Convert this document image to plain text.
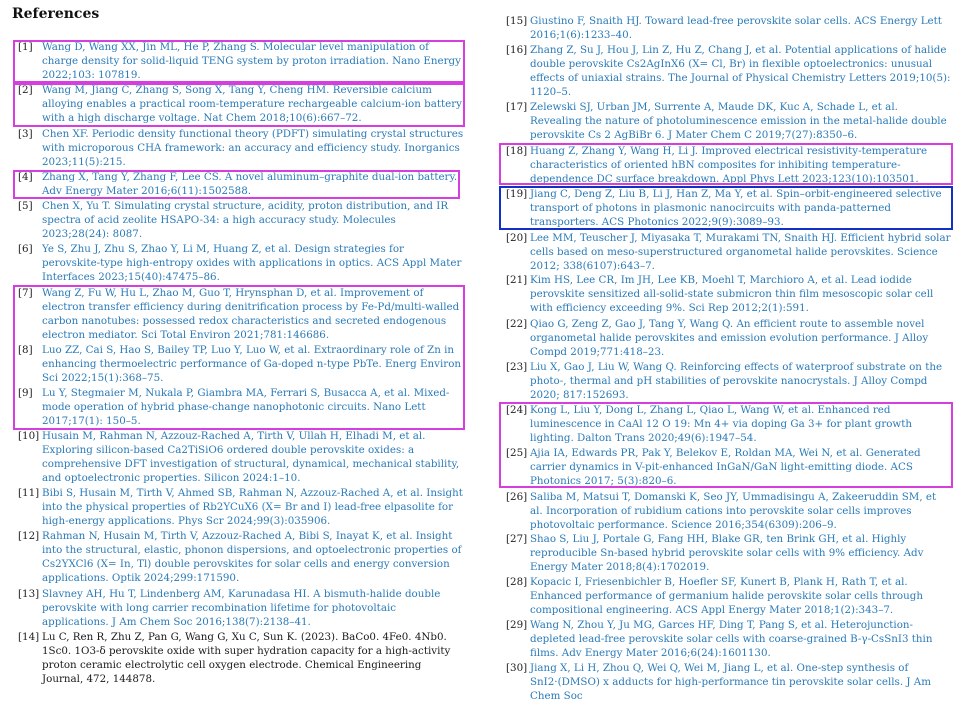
References
[1] Wang D, Wang XX, Jin ML, He P, Zhang S. Molecular level manipulation of charge density for solid-liquid TENG system by proton irradiation. Nano Energy 2022;103: 107819.
[2] Wang M, Jiang C, Zhang S, Song X, Tang Y, Cheng HM. Reversible calcium alloying enables a practical room-temperature rechargeable calcium-ion battery with a high discharge voltage. Nat Chem 2018;10(6):667–72.
[3] Chen XF. Periodic density functional theory (PDFT) simulating crystal structures with microporous CHA framework: an accuracy and efficiency study. Inorganics 2023;11(5):215.
[4] Zhang X, Tang Y, Zhang F, Lee CS. A novel aluminum–graphite dual-ion battery. Adv Energy Mater 2016;6(11):1502588.
[5] Chen X, Yu T. Simulating crystal structure, acidity, proton distribution, and IR spectra of acid zeolite HSAPO-34: a high accuracy study. Molecules 2023;28(24): 8087.
[6] Ye S, Zhu J, Zhu S, Zhao Y, Li M, Huang Z, et al. Design strategies for perovskite-type high-entropy oxides with applications in optics. ACS Appl Mater Interfaces 2023;15(40):47475–86.
[7] Wang Z, Fu W, Hu L, Zhao M, Guo T, Hrynsphan D, et al. Improvement of electron transfer efficiency during denitrification process by Fe-Pd/multi-walled carbon nanotubes: possessed redox characteristics and secreted endogenous electron mediator. Sci Total Environ 2021;781:146686.
[8] Luo ZZ, Cai S, Hao S, Bailey TP, Luo Y, Luo W, et al. Extraordinary role of Zn in enhancing thermoelectric performance of Ga-doped n-type PbTe. Energ Environ Sci 2022;15(1):368–75.
[9] Lu Y, Stegmaier M, Nukala P, Giambra MA, Ferrari S, Busacca A, et al. Mixed-mode operation of hybrid phase-change nanophotonic circuits. Nano Lett 2017;17(1): 150–5.
[10] Husain M, Rahman N, Azzouz-Rached A, Tirth V, Ullah H, Elhadi M, et al. Exploring silicon-based Ca2TiSiO6 ordered double perovskite oxides: a comprehensive DFT investigation of structural, dynamical, mechanical stability, and optoelectronic properties. Silicon 2024:1–10.
[11] Bibi S, Husain M, Tirth V, Ahmed SB, Rahman N, Azzouz-Rached A, et al. Insight into the physical properties of Rb2YCuX6 (X= Br and I) lead-free elpasolite for high-energy applications. Phys Scr 2024;99(3):035906.
[12] Rahman N, Husain M, Tirth V, Azzouz-Rached A, Bibi S, Inayat K, et al. Insight into the structural, elastic, phonon dispersions, and optoelectronic properties of Cs2YXCl6 (X= In, Tl) double perovskites for solar cells and energy conversion applications. Optik 2024;299:171590.
[13] Slavney AH, Hu T, Lindenberg AM, Karunadasa HI. A bismuth-halide double perovskite with long carrier recombination lifetime for photovoltaic applications. J Am Chem Soc 2016;138(7):2138–41.
[14] Lu C, Ren R, Zhu Z, Pan G, Wang G, Xu C, Sun K. (2023). BaCo0. 4Fe0. 4Nb0. 1Sc0. 1O3-δ perovskite oxide with super hydration capacity for a high-activity proton ceramic electrolytic cell oxygen electrode. Chemical Engineering Journal, 472, 144878.
[15] Giustino F, Snaith HJ. Toward lead-free perovskite solar cells. ACS Energy Lett 2016;1(6):1233–40.
[16] Zhang Z, Su J, Hou J, Lin Z, Hu Z, Chang J, et al. Potential applications of halide double perovskite Cs2AgInX6 (X= Cl, Br) in flexible optoelectronics: unusual effects of uniaxial strains. The Journal of Physical Chemistry Letters 2019;10(5): 1120–5.
[17] Zelewski SJ, Urban JM, Surrente A, Maude DK, Kuc A, Schade L, et al. Revealing the nature of photoluminescence emission in the metal-halide double perovskite Cs 2 AgBiBr 6. J Mater Chem C 2019;7(27):8350–6.
[18] Huang Z, Zhang Y, Wang H, Li J. Improved electrical resistivity-temperature characteristics of oriented hBN composites for inhibiting temperature-dependence DC surface breakdown. Appl Phys Lett 2023;123(10):103501.
[19] Jiang C, Deng Z, Liu B, Li J, Han Z, Ma Y, et al. Spin–orbit-engineered selective transport of photons in plasmonic nanocircuits with panda-patterned transporters. ACS Photonics 2022;9(9):3089–93.
[20] Lee MM, Teuscher J, Miyasaka T, Murakami TN, Snaith HJ. Efficient hybrid solar cells based on meso-superstructured organometal halide perovskites. Science 2012; 338(6107):643–7.
[21] Kim HS, Lee CR, Im JH, Lee KB, Moehl T, Marchioro A, et al. Lead iodide perovskite sensitized all-solid-state submicron thin film mesoscopic solar cell with efficiency exceeding 9%. Sci Rep 2012;2(1):591.
[22] Qiao G, Zeng Z, Gao J, Tang Y, Wang Q. An efficient route to assemble novel organometal halide perovskites and emission evolution performance. J Alloy Compd 2019;771:418–23.
[23] Liu X, Gao J, Liu W, Wang Q. Reinforcing effects of waterproof substrate on the photo-, thermal and pH stabilities of perovskite nanocrystals. J Alloy Compd 2020; 817:152693.
[24] Kong L, Liu Y, Dong L, Zhang L, Qiao L, Wang W, et al. Enhanced red luminescence in CaAl 12 O 19: Mn 4+ via doping Ga 3+ for plant growth lighting. Dalton Trans 2020;49(6):1947–54.
[25] Ajia IA, Edwards PR, Pak Y, Belekov E, Roldan MA, Wei N, et al. Generated carrier dynamics in V-pit-enhanced InGaN/GaN light-emitting diode. ACS Photonics 2017; 5(3):820–6.
[26] Saliba M, Matsui T, Domanski K, Seo JY, Ummadisingu A, Zakeeruddin SM, et al. Incorporation of rubidium cations into perovskite solar cells improves photovoltaic performance. Science 2016;354(6309):206–9.
[27] Shao S, Liu J, Portale G, Fang HH, Blake GR, ten Brink GH, et al. Highly reproducible Sn-based hybrid perovskite solar cells with 9% efficiency. Adv Energy Mater 2018;8(4):1702019.
[28] Kopacic I, Friesenbichler B, Hoefler SF, Kunert B, Plank H, Rath T, et al. Enhanced performance of germanium halide perovskite solar cells through compositional engineering. ACS Appl Energy Mater 2018;1(2):343–7.
[29] Wang N, Zhou Y, Ju MG, Garces HF, Ding T, Pang S, et al. Heterojunction-depleted lead-free perovskite solar cells with coarse-grained B-γ-CsSnI3 thin films. Adv Energy Mater 2016;6(24):1601130.
[30] Jiang X, Li H, Zhou Q, Wei Q, Wei M, Jiang L, et al. One-step synthesis of SnI2·(DMSO) x adducts for high-performance tin perovskite solar cells. J Am Chem Soc
